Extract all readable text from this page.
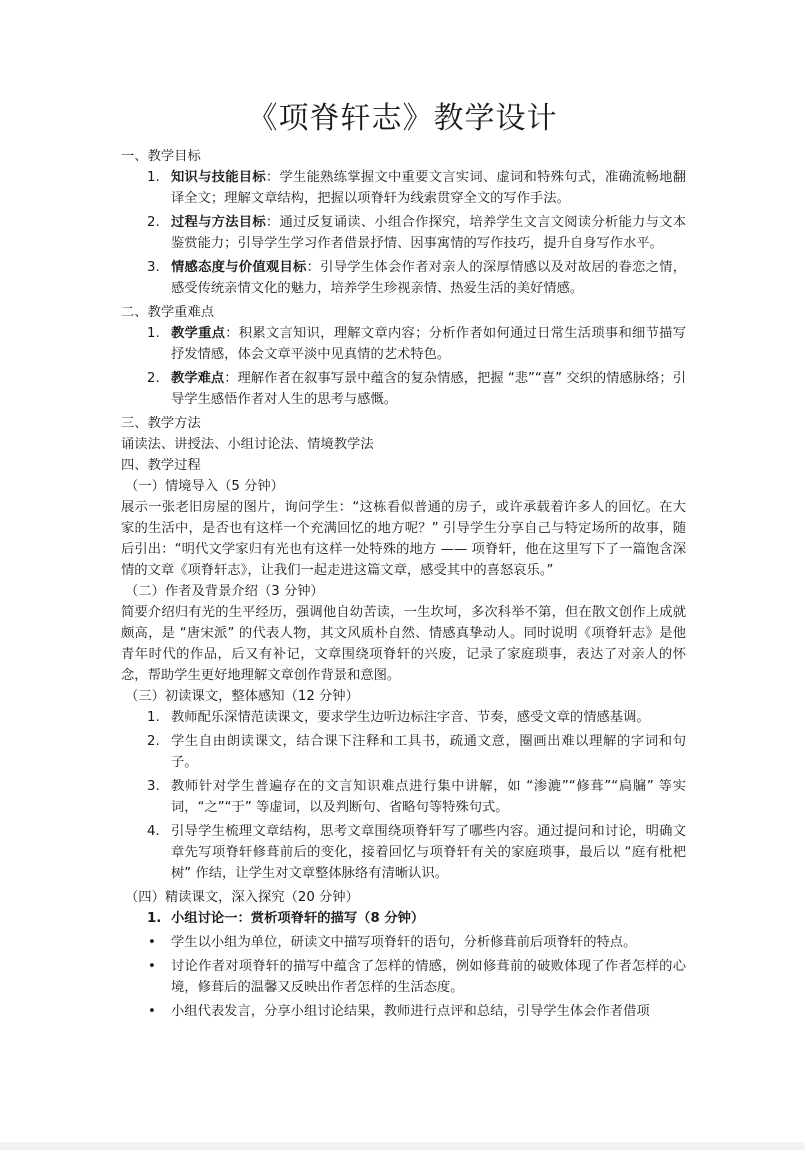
《项脊轩志》教学设计

一、教学目标

1. 知识与技能目标：学生能熟练掌握文中重要文言实词、虚词和特殊句式，准确流畅地翻译全文；理解文章结构，把握以项脊轩为线索贯穿全文的写作手法。
2. 过程与方法目标：通过反复诵读、小组合作探究，培养学生文言文阅读分析能力与文本鉴赏能力；引导学生学习作者借景抒情、因事寓情的写作技巧，提升自身写作水平。
3. 情感态度与价值观目标：引导学生体会作者对亲人的深厚情感以及对故居的眷恋之情，感受传统亲情文化的魅力，培养学生珍视亲情、热爱生活的美好情感。

二、教学重难点

1. 教学重点：积累文言知识，理解文章内容；分析作者如何通过日常生活琐事和细节描写抒发情感，体会文章平淡中见真情的艺术特色。
2. 教学难点：理解作者在叙事写景中蕴含的复杂情感，把握 “悲”“喜” 交织的情感脉络；引导学生感悟作者对人生的思考与感慨。

三、教学方法

诵读法、讲授法、小组讨论法、情境教学法

四、教学过程

（一）情境导入（5 分钟）

展示一张老旧房屋的图片，询问学生：“这栋看似普通的房子，或许承载着许多人的回忆。在大家的生活中，是否也有这样一个充满回忆的地方呢？” 引导学生分享自己与特定场所的故事，随后引出：“明代文学家归有光也有这样一处特殊的地方 —— 项脊轩，他在这里写下了一篇饱含深情的文章《项脊轩志》，让我们一起走进这篇文章，感受其中的喜怒哀乐。”

（二）作者及背景介绍（3 分钟）

简要介绍归有光的生平经历，强调他自幼苦读，一生坎坷，多次科举不第，但在散文创作上成就颇高，是 “唐宋派” 的代表人物，其文风质朴自然、情感真挚动人。同时说明《项脊轩志》是他青年时代的作品，后又有补记，文章围绕项脊轩的兴废，记录了家庭琐事，表达了对亲人的怀念，帮助学生更好地理解文章创作背景和意图。

（三）初读课文，整体感知（12 分钟）

1. 教师配乐深情范读课文，要求学生边听边标注字音、节奏，感受文章的情感基调。
2. 学生自由朗读课文，结合课下注释和工具书，疏通文意，圈画出难以理解的字词和句子。
3. 教师针对学生普遍存在的文言知识难点进行集中讲解，如 “渗漉”“修葺”“扃牖” 等实词，“之”“于” 等虚词，以及判断句、省略句等特殊句式。
4. 引导学生梳理文章结构，思考文章围绕项脊轩写了哪些内容。通过提问和讨论，明确文章先写项脊轩修葺前后的变化，接着回忆与项脊轩有关的家庭琐事，最后以 “庭有枇杷树” 作结，让学生对文章整体脉络有清晰认识。

（四）精读课文，深入探究（20 分钟）

1. 小组讨论一：赏析项脊轩的描写（8 分钟）
• 学生以小组为单位，研读文中描写项脊轩的语句，分析修葺前后项脊轩的特点。
• 讨论作者对项脊轩的描写中蕴含了怎样的情感，例如修葺前的破败体现了作者怎样的心境，修葺后的温馨又反映出作者怎样的生活态度。
• 小组代表发言，分享小组讨论结果，教师进行点评和总结，引导学生体会作者借项
